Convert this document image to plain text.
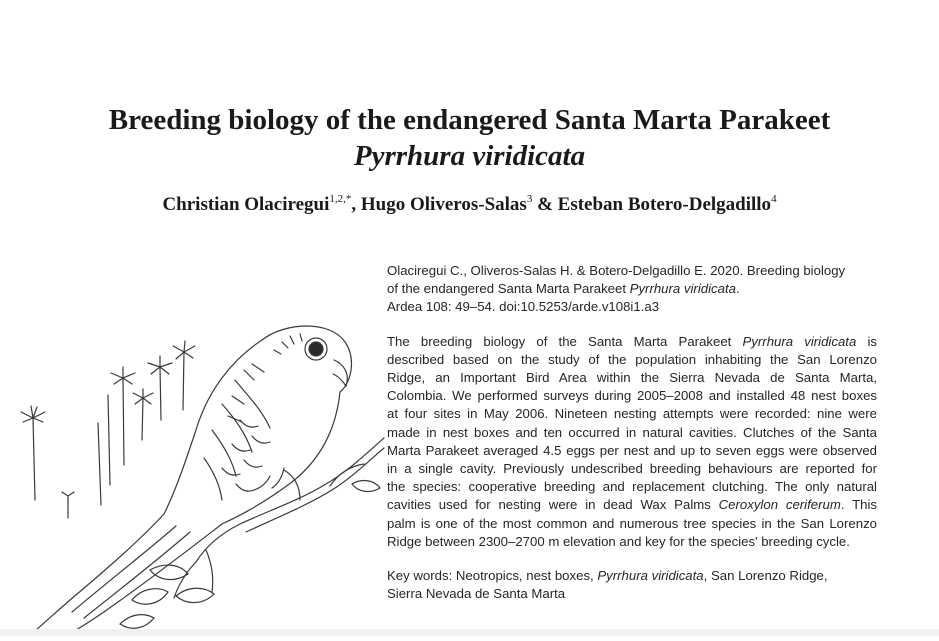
Breeding biology of the endangered Santa Marta Parakeet
Pyrrhura viridicata
Christian Olaciregui$^{1,2,*}$, Hugo Oliveros-Salas$^3$ & Esteban Botero-Delgadillo$^4$

Olaciregui C., Oliveros-Salas H. & Botero-Delgadillo E. 2020. Breeding biology
of the endangered Santa Marta Parakeet Pyrrhura viridicata.
Ardea 108: 49–54. doi:10.5253/arde.v108i1.a3

The breeding biology of the Santa Marta Parakeet Pyrrhura viridicata is
described based on the study of the population inhabiting the San Lorenzo
Ridge, an Important Bird Area within the Sierra Nevada de Santa Marta,
Colombia. We performed surveys during 2005–2008 and installed 48 nest boxes
at four sites in May 2006. Nineteen nesting attempts were recorded: nine were
made in nest boxes and ten occurred in natural cavities. Clutches of the Santa
Marta Parakeet averaged 4.5 eggs per nest and up to seven eggs were observed
in a single cavity. Previously undescribed breeding behaviours are reported for
the species: cooperative breeding and replacement clutching. The only natural
cavities used for nesting were in dead Wax Palms Ceroxylon ceriferum. This
palm is one of the most common and numerous tree species in the San Lorenzo
Ridge between 2300–2700 m elevation and key for the species' breeding cycle.

Key words: Neotropics, nest boxes, Pyrrhura viridicata, San Lorenzo Ridge,
Sierra Nevada de Santa Marta
